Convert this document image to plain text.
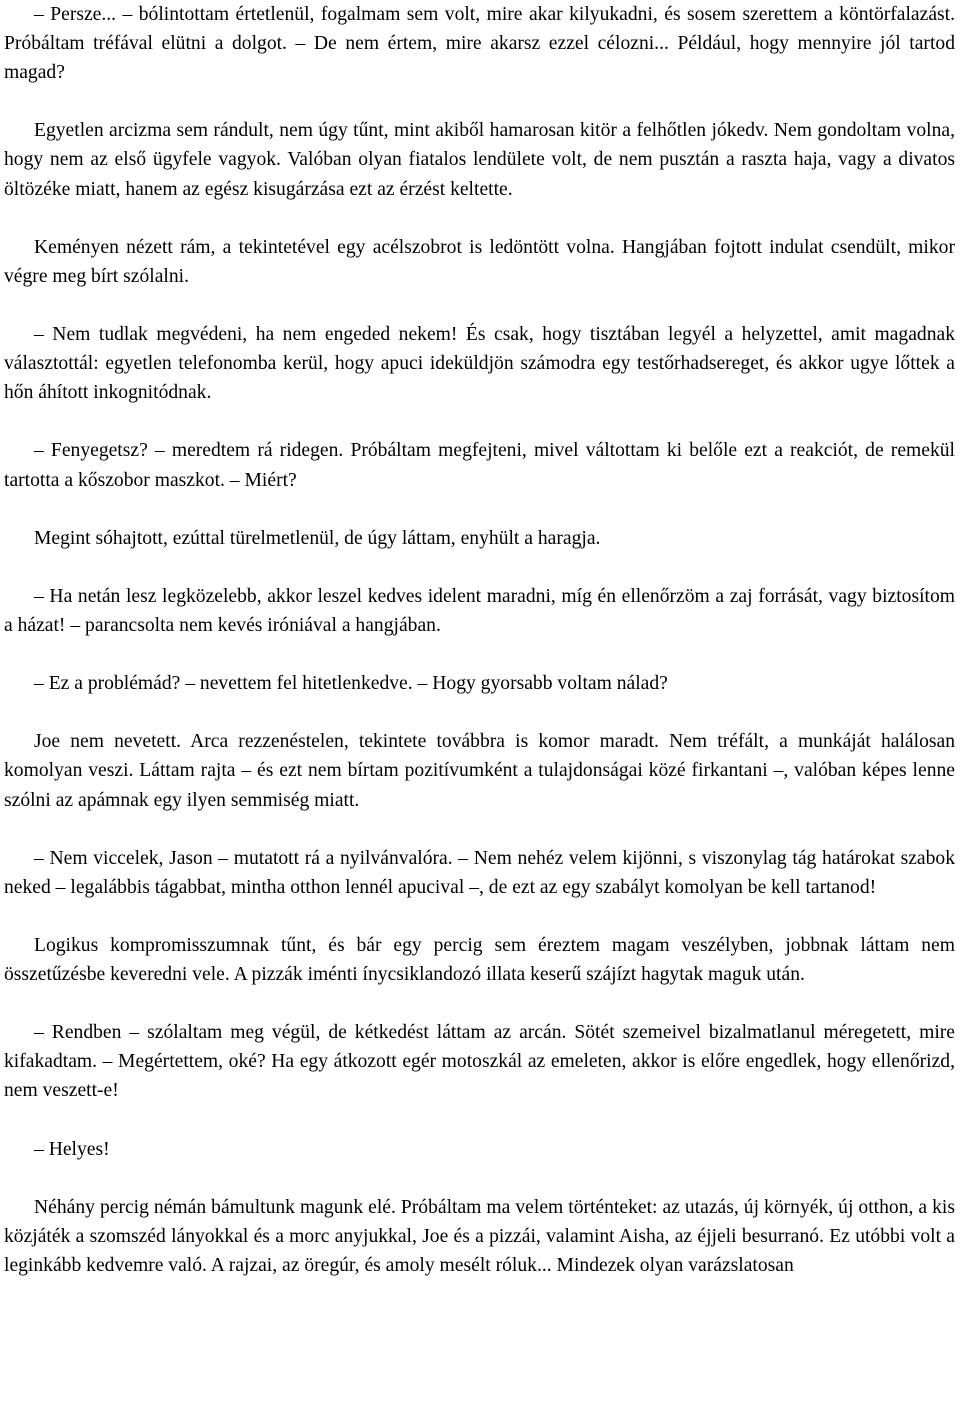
– Persze... – bólintottam értetlenül, fogalmam sem volt, mire akar kilyukadni, és sosem szerettem a köntörfalazást. Próbáltam tréfával elütni a dolgot. – De nem értem, mire akarsz ezzel célozni... Például, hogy mennyire jól tartod magad?

Egyetlen arcizma sem rándult, nem úgy tűnt, mint akiből hamarosan kitör a felhőtlen jókedv. Nem gondoltam volna, hogy nem az első ügyfele vagyok. Valóban olyan fiatalos lendülete volt, de nem pusztán a raszta haja, vagy a divatos öltözéke miatt, hanem az egész kisugárzása ezt az érzést keltette.

Keményen nézett rám, a tekintetével egy acélszobrot is ledöntött volna. Hangjában fojtott indulat csendült, mikor végre meg bírt szólalni.

– Nem tudlak megvédeni, ha nem engeded nekem! És csak, hogy tisztában legyél a helyzettel, amit magadnak választottál: egyetlen telefonomba kerül, hogy apuci ideküldjön számodra egy testőrhadsereget, és akkor ugye lőttek a hőn áhított inkognitódnak.

– Fenyegetsz? – meredtem rá ridegen. Próbáltam megfejteni, mivel váltottam ki belőle ezt a reakciót, de remekül tartotta a kőszobor maszkot. – Miért?

Megint sóhajtott, ezúttal türelmetlenül, de úgy láttam, enyhült a haragja.

– Ha netán lesz legközelebb, akkor leszel kedves idelent maradni, míg én ellenőrzöm a zaj forrását, vagy biztosítom a házat! – parancsolta nem kevés iróniával a hangjában.

– Ez a problémád? – nevettem fel hitetlenkedve. – Hogy gyorsabb voltam nálad?

Joe nem nevetett. Arca rezzenéstelen, tekintete továbbra is komor maradt. Nem tréfált, a munkáját halálosan komolyan veszi. Láttam rajta – és ezt nem bírtam pozitívumként a tulajdonságai közé firkantani –, valóban képes lenne szólni az apámnak egy ilyen semmiség miatt.

– Nem viccelek, Jason – mutatott rá a nyilvánvalóra. – Nem nehéz velem kijönni, s viszonylag tág határokat szabok neked – legalábbis tágabbat, mintha otthon lennél apucival –, de ezt az egy szabályt komolyan be kell tartanod!

Logikus kompromisszumnak tűnt, és bár egy percig sem éreztem magam veszélyben, jobbnak láttam nem összetűzésbe keveredni vele. A pizzák iménti ínycsiklandozó illata keserű szájízt hagytak maguk után.

– Rendben – szólaltam meg végül, de kétkedést láttam az arcán. Sötét szemeivel bizalmatlanul méregetett, mire kifakadtam. – Megértettem, oké? Ha egy átkozott egér motoszkál az emeleten, akkor is előre engedlek, hogy ellenőrizd, nem veszett-e!

– Helyes!

Néhány percig némán bámultunk magunk elé. Próbáltam ma velem történteket: az utazás, új környék, új otthon, a kis közjáték a szomszéd lányokkal és a morc anyjukkal, Joe és a pizzái, valamint Aisha, az éjjeli besurranó. Ez utóbbi volt a leginkább kedvemre való. A rajzai, az öregúr, és amoly mesélt róluk... Mindezek olyan varázslatosan
